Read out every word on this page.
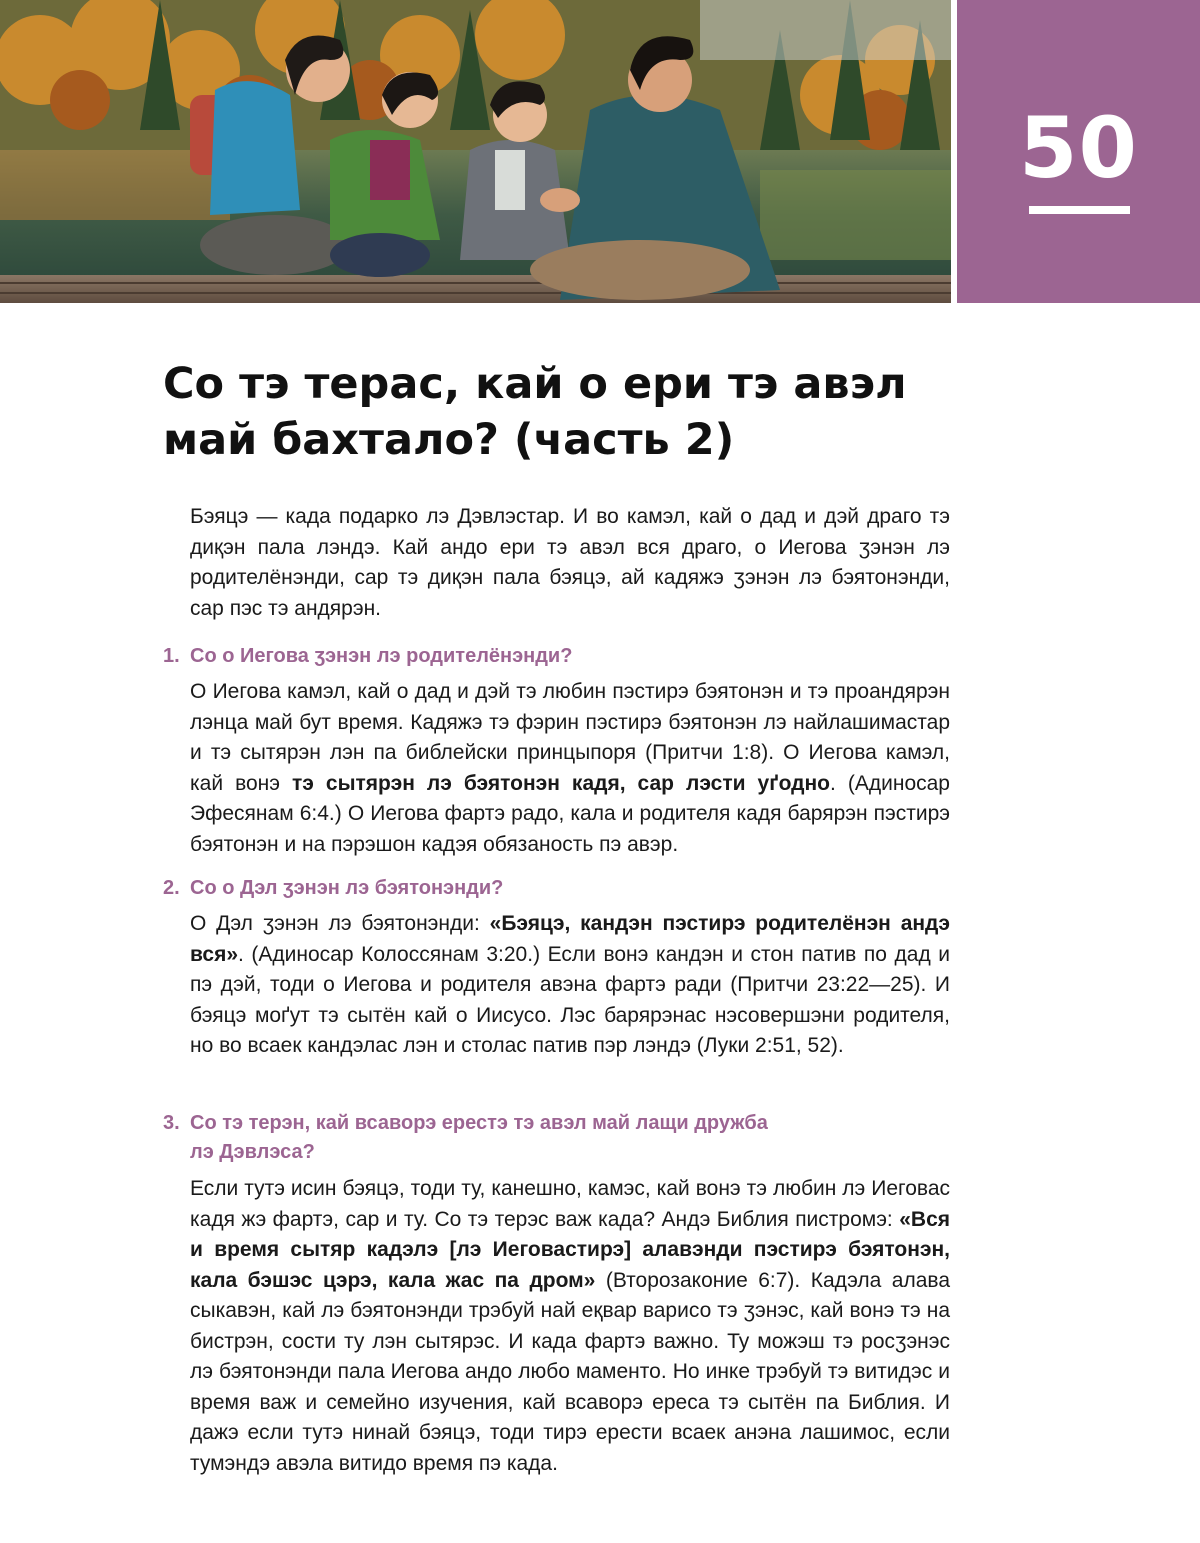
50
Со тэ терас, кай о ери тэ авэл май бахтало? (часть 2)

Бэяцэ — када подарко лэ Дэвлэстар. И во камэл, кай о дад и дэй драго тэ диқэн пала лэндэ. Кай андо ери тэ авэл вся драго, о Иегова ʒэнэн лэ родителёнэнди, сар тэ диқэн пала бэяцэ, ай кадяжэ ʒэнэн лэ бэятонэнди, сар пэс тэ андярэн.

1. Со о Иегова ʒэнэн лэ родителёнэнди?

О Иегова камэл, кай о дад и дэй тэ любин пэстирэ бэятонэн и тэ проандярэн лэнца май бут время. Кадяжэ тэ фэрин пэстирэ бэятонэн лэ найлашимастар и тэ сытярэн лэн па библейски принцыпоря (Притчи 1:8). О Иегова камэл, кай вонэ тэ сытярэн лэ бэятонэн кадя, сар лэсти уґодно. (Адиносар Эфесянам 6:4.) О Иегова фартэ радо, кала и родителя кадя барярэн пэстирэ бэятонэн и на пэрэшон кадэя обязаность пэ авэр.

2. Со о Дэл ʒэнэн лэ бэятонэнди?

О Дэл ʒэнэн лэ бэятонэнди: «Бэяцэ, кандэн пэстирэ родителёнэн андэ вся». (Адиносар Колоссянам 3:20.) Если вонэ кандэн и стон патив по дад и пэ дэй, тоди о Иегова и родителя авэна фартэ ради (Притчи 23:22—25). И бэяцэ моґут тэ сытён кай о Иисусо. Лэс барярэнас нэсовершэни родителя, но во всаек кандэлас лэн и столас патив пэр лэндэ (Луки 2:51, 52).

3. Со тэ терэн, кай всаворэ ерестэ тэ авэл май лащи дружба
лэ Дэвлэса?

Если тутэ исин бэяцэ, тоди ту, канешно, камэс, кай вонэ тэ любин лэ Иеговас кадя жэ фартэ, сар и ту. Со тэ терэс важ када? Андэ Библия пистромэ: «Вся и время сытяр кадэлэ [лэ Иеговастирэ] алавэнди пэстирэ бэятонэн, кала бэшэс цэрэ, кала жас па дром» (Второзаконие 6:7). Кадэла алава сыкавэн, кай лэ бэятонэнди трэбуй най еқвар варисо тэ ʒэнэс, кай вонэ тэ на бистрэн, сости ту лэн сытярэс. И када фартэ важно. Ту можэш тэ росʒэнэс лэ бэятонэнди пала Иегова андо любо маменто. Но инке трэбуй тэ витидэс и время важ и семейно изучения, кай всаворэ ереса тэ сытён па Библия. И дажэ если тутэ нинай бэяцэ, тоди тирэ ерести всаек анэна лашимос, если тумэндэ авэла витидо время пэ када.
